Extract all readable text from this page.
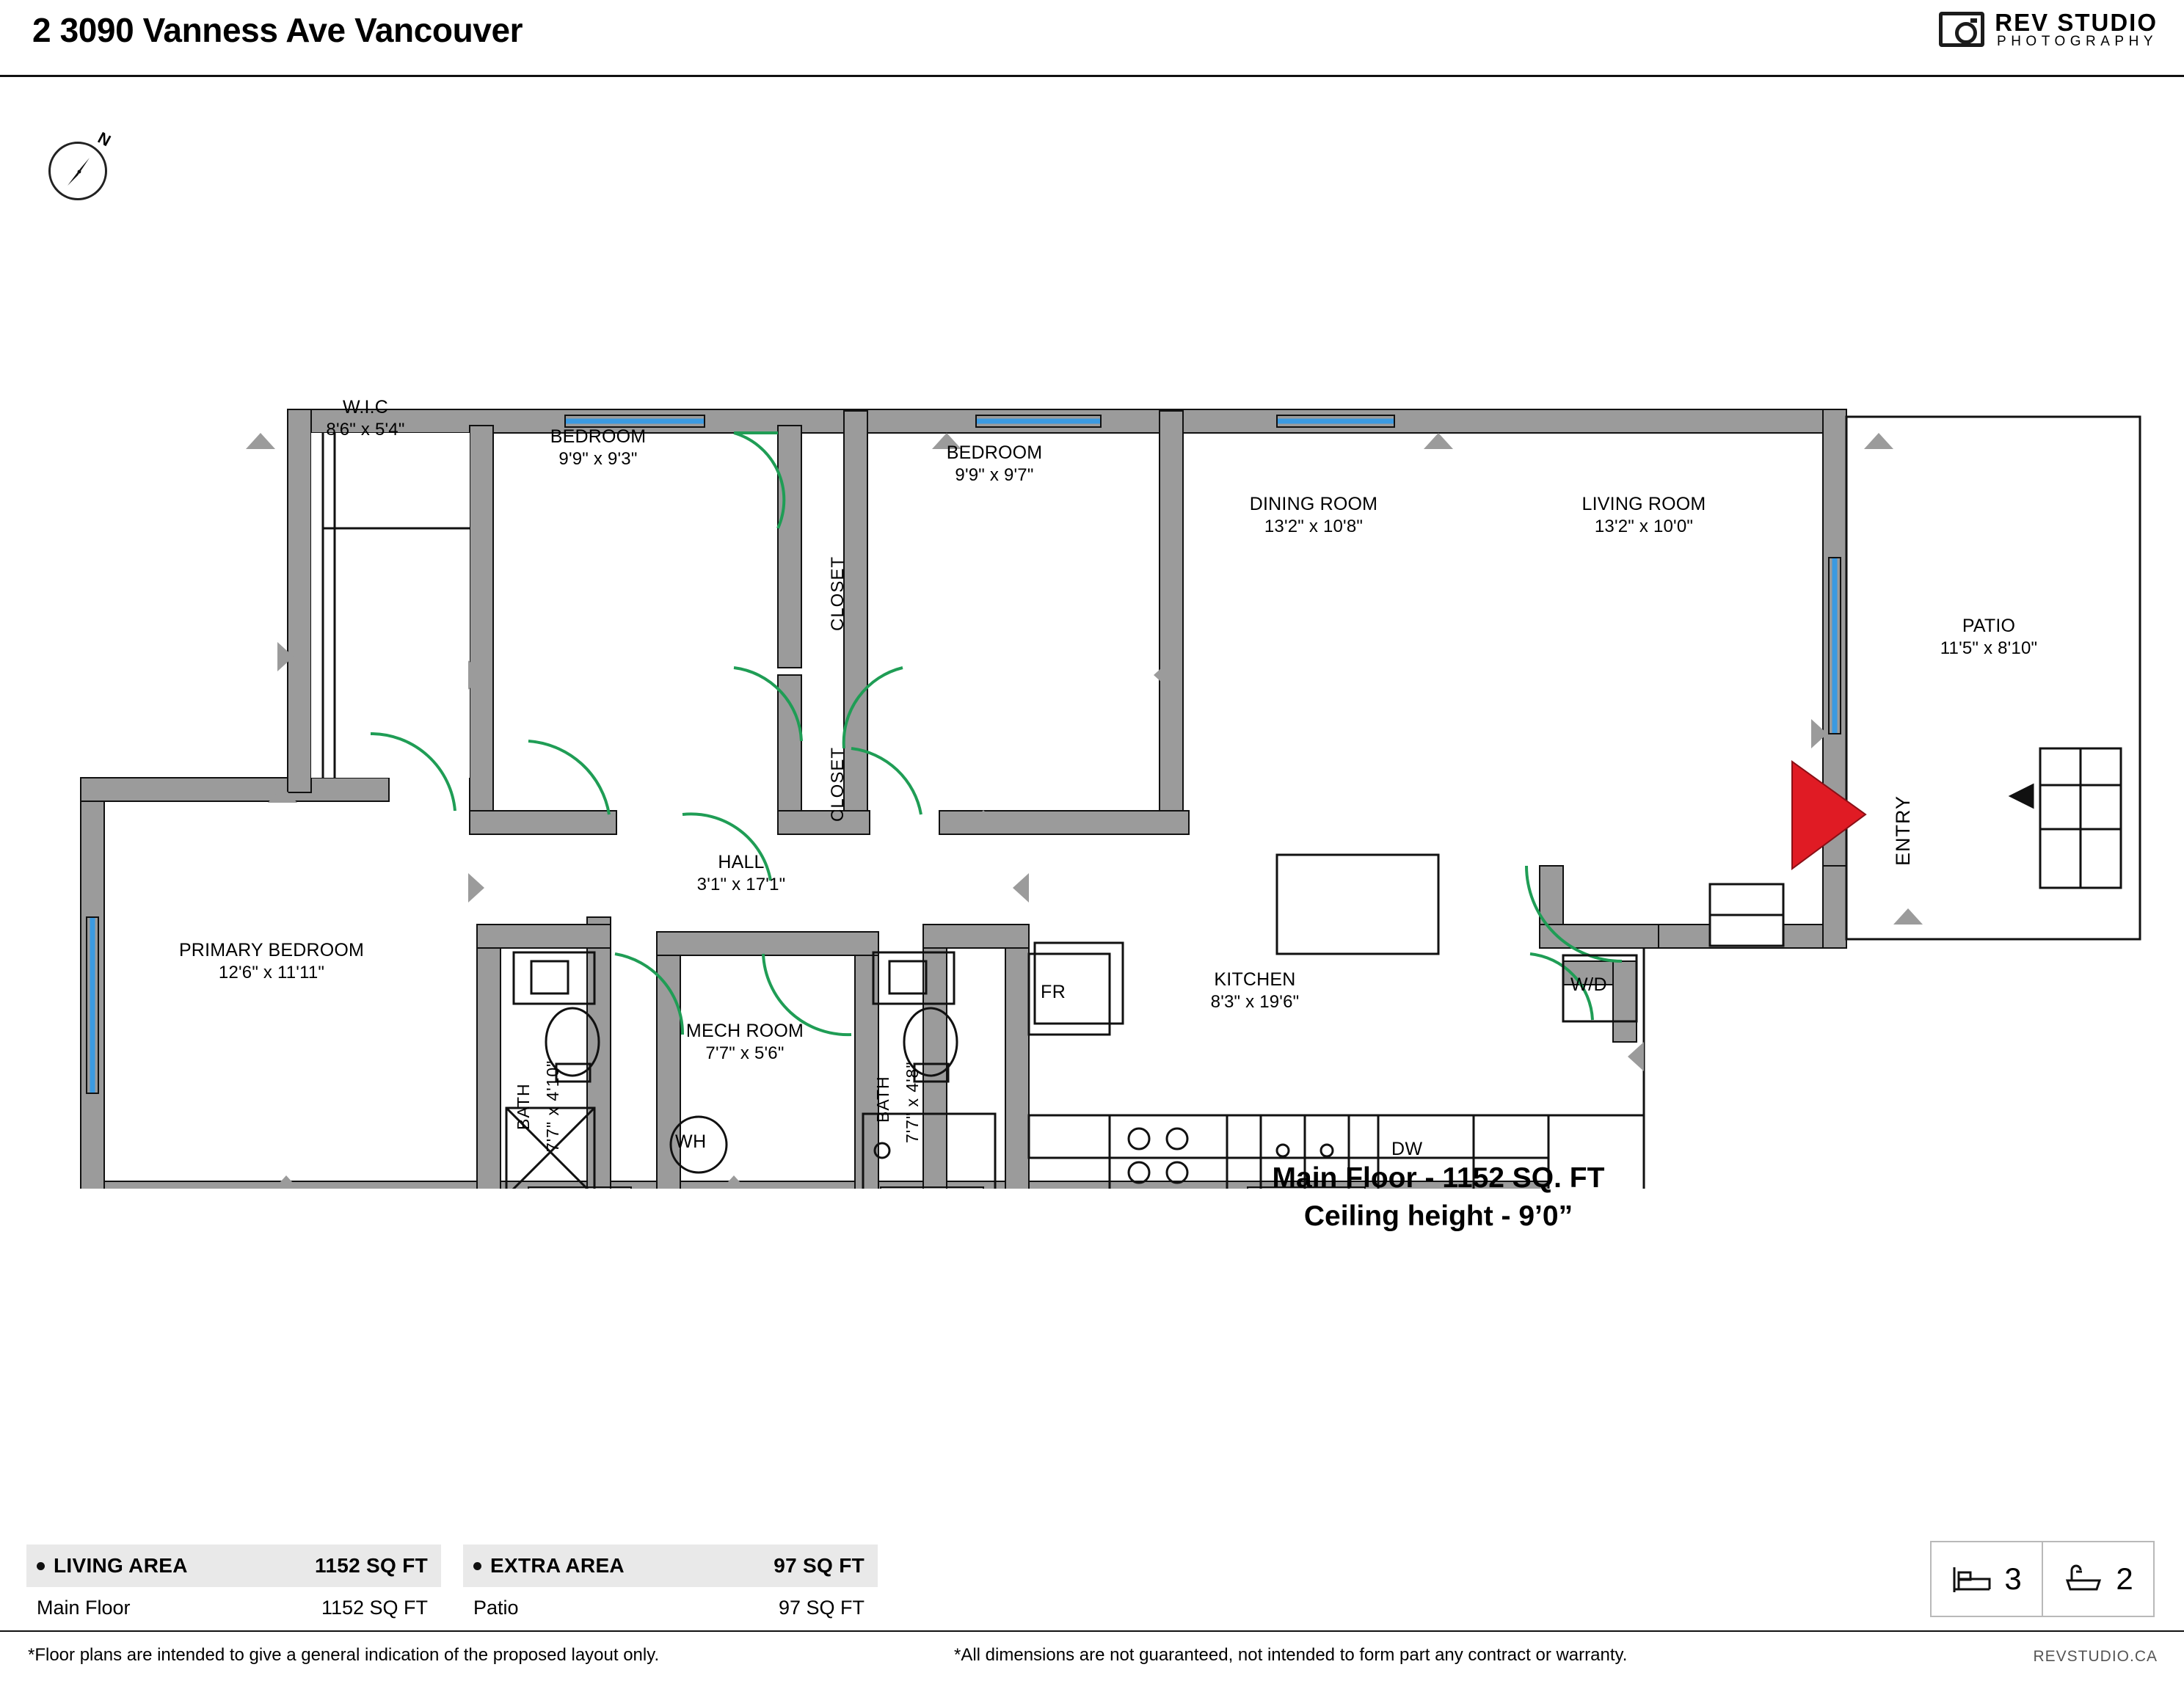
2 3090 Vanness Ave Vancouver	REV STUDIO
PHOTOGRAPHY
N
W.I.C
8'6" x 5'4"	BEDROOM
9'9" x 9'3"	BEDROOM
9'9" x 9'7"
DINING ROOM
13'2" x 10'8"
LIVING ROOM
13'2" x 10'0"
PATIO
11'5" x 8'10"
HALL
3'1" x 17'1"
PRIMARY BEDROOM
12'6" x 11'11"
MECH ROOM
7'7" x 5'6"
KITCHEN
8'3" x 19'6"
CLOSET
CLOSET
BATH 7'7" x 4'10"	BATH 7'7" x 4'8"
ENTRY
FR	W/D
DW
WH
Main Floor - 1152 SQ. FT
Ceiling height - 9’0”
LIVING AREA	1152 SQ FT
Main Floor	1152 SQ FT
EXTRA AREA	97 SQ FT
Patio	97 SQ FT
3	2
*Floor plans are intended to give a general indication of the proposed layout only.	*All dimensions are not guaranteed, not intended to form part any contract or warranty.	REVSTUDIO.CA
